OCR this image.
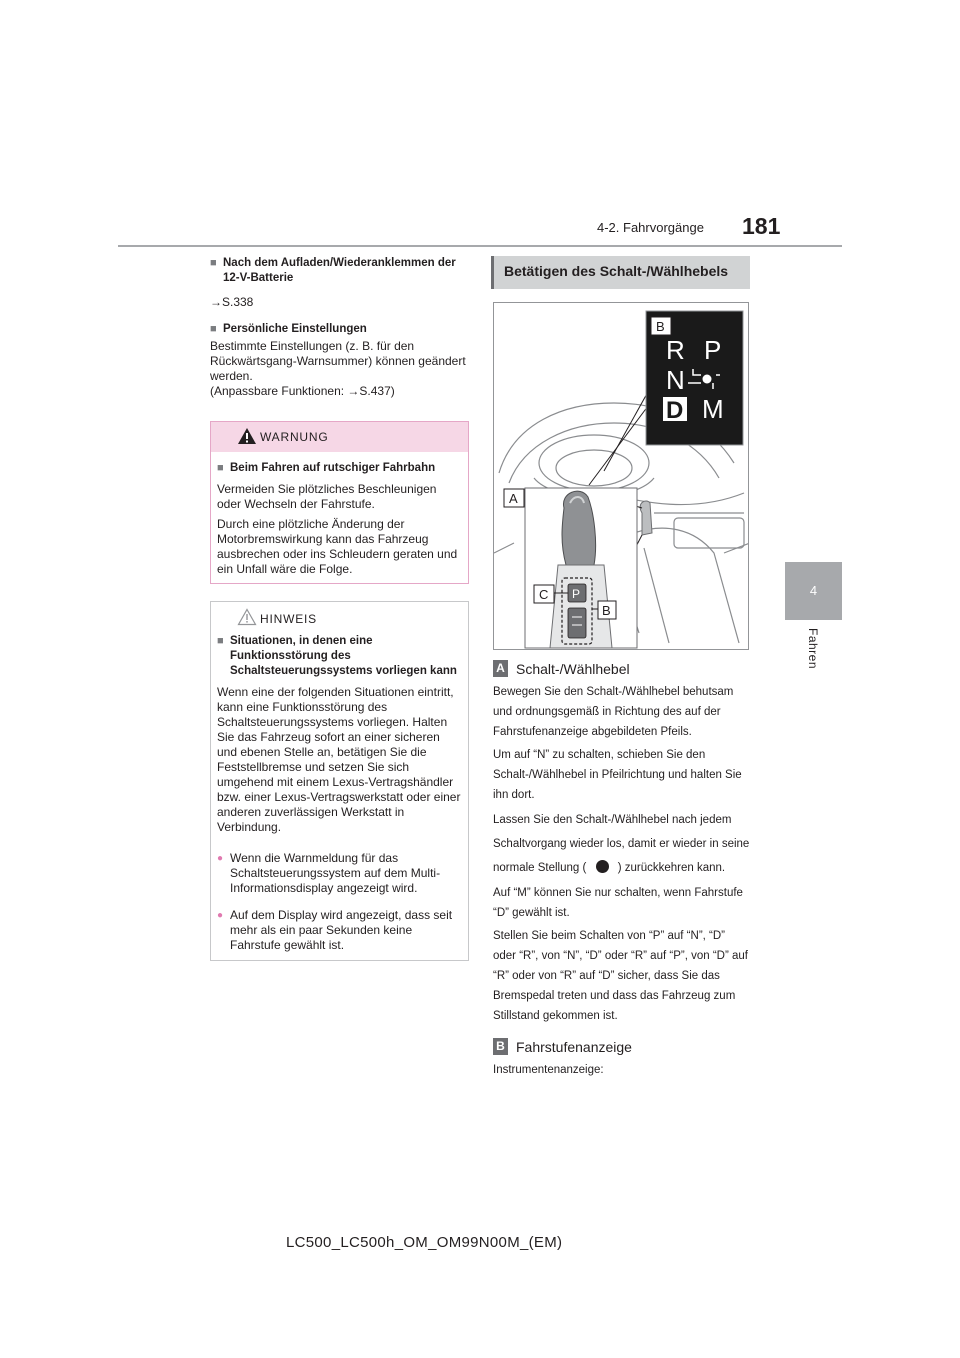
181
4-2. Fahrvorgänge
4
Fahren
■ Nach dem Aufladen/Wiederanklemmen der 12-V-Batterie
→S.338
■ Persönliche Einstellungen
Bestimmte Einstellungen (z. B. für den Rückwärtsgang-Warnsummer) können geändert werden.
(Anpassbare Funktionen: →S.437)
WARNUNG
■ Beim Fahren auf rutschiger Fahrbahn

Vermeiden Sie plötzliches Beschleunigen oder Wechseln der Fahrstufe.

Durch eine plötzliche Änderung der Motorbremswirkung kann das Fahrzeug ausbrechen oder ins Schleudern geraten und ein Unfall wäre die Folge.

HINWEIS
■ Situationen, in denen eine Funktionsstörung des Schaltsteuerungssystems vorliegen kann

Wenn eine der folgenden Situationen eintritt, kann eine Funktionsstörung des Schaltsteuerungssystems vorliegen. Halten Sie das Fahrzeug sofort an einer sicheren und ebenen Stelle an, betätigen Sie die Feststellbremse und setzen Sie sich umgehend mit einem Lexus-Vertragshändler bzw. einer Lexus-Vertragswerkstatt oder einer anderen zuverlässigen Werkstatt in Verbindung.

● Wenn die Warnmeldung für das Schaltsteuerungssystem auf dem Multi-Informationsdisplay angezeigt wird.
● Auf dem Display wird angezeigt, dass seit mehr als ein paar Sekunden keine Fahrstufe gewählt ist.
Betätigen des Schalt-/Wählhebels
B
R P
N
D M
A
P
C
B
A Schalt-/Wählhebel

Bewegen Sie den Schalt-/Wählhebel behutsam und ordnungsgemäß in Richtung des auf der Fahrstufenanzeige abgebildeten Pfeils.

Um auf “N” zu schalten, schieben Sie den Schalt-/Wählhebel in Pfeilrichtung und halten Sie ihn dort.

Lassen Sie den Schalt-/Wählhebel nach jedem Schaltvorgang wieder los, damit er wieder in seine normale Stellung (	) zurückkehren kann.

Auf “M” können Sie nur schalten, wenn Fahrstufe “D” gewählt ist.

Stellen Sie beim Schalten von “P” auf “N”, “D” oder “R”, von “N”, “D” oder “R” auf “P”, von “D” auf “R” oder von “R” auf “D” sicher, dass Sie das Bremspedal treten und dass das Fahrzeug zum Stillstand gekommen ist.

B Fahrstufenanzeige

Instrumentenanzeige:

LC500_LC500h_OM_OM99N00M_(EM)
